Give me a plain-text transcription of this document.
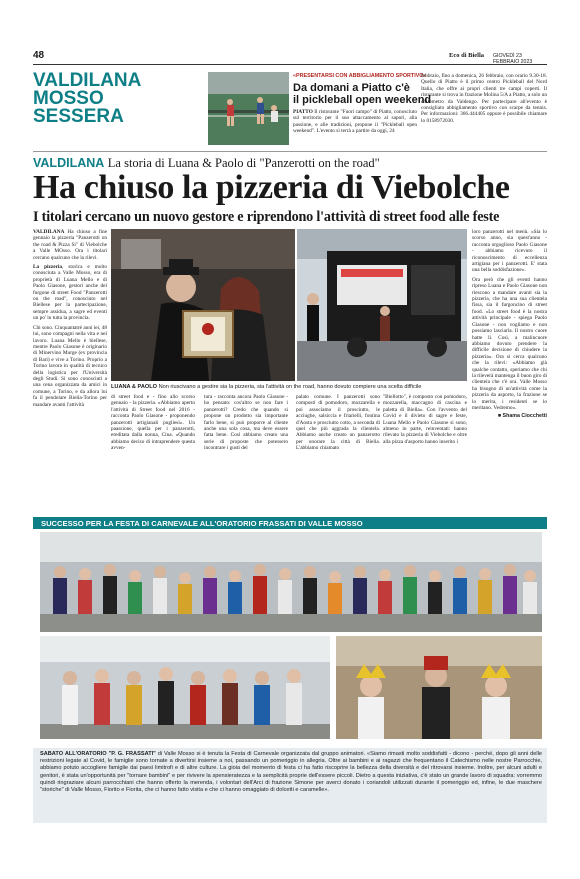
48	Eco di Biella GIOVEDÌ 23 FEBBRAIO 2023
VALDILANA
MOSSO
SESSERA
«PRESENTARSI CON ABBIGLIAMENTO SPORTIVO»
Da domani a Piatto c'è
il pickleball open weekend
PIATTO Il ristorante "Fuori campo" di Piatto, conosciuto sul territorio per il suo attaccamento al sapori, alla passione, e alle tradizioni, propone il "Pickleball open weekend". L'evento si terrà a partire da oggi, 24
febbraio, fino a domenica, 26 febbraio, con orario 9.30-18. Quello di Piatto è il primo centro Pickleball del Nord Italia, che offre ai propri clienti tre campi coperti. Il ristorante si trova in frazione Molina 5/A a Piatto, a solo un chilometro da Valdengo. Per partecipare all'evento è consigliato abbigliamento sportivo con scarpe da tennis. Per informazioni: 366.444405 oppure è possibile chiamare lo 0158972030.
VALDILANA La storia di Luana & Paolo di "Panzerotti on the road"
Ha chiuso la pizzeria di Viebolche
I titolari cercano un nuovo gestore e riprendono l'attività di street food alle feste

VALDILANA Ha chiuso a fine gennaio la pizzeria "Panzerotti on the road & Pizza Si" di Viebolche a Valle MOsso. Ora i titolari cercano qualcuno che la rilevi.

La pizzeria, storica e molto conosciuta a Valle Mosso, era di proprietà di Luana Mello e di Paolo Giasone, gestori anche del furgone di street Food "Panzerotti on the road", conosciuto nel Biellese per la partecipazione, sempre assidua, a sagre ed eventi un po' in tutta la provincia.

Chi sono. Cinquantatré anni lei, 48 lui, sono compagni nella vita e nel lavoro. Luana Mello è biellese, mentre Paolo Giasone è originario di Minervino Murge (ex provincia di Bari) e vive a Torino. Proprio a Torino lavora in qualità di tecnico della logistica per l'Università degli Studi. Si sono conosciuti a una cena organizzata da amici in comune, a Torino, e da allora lui fa il pendolare Biella-Torino per mandare avanti l'attività

LUANA & PAOLO Non riuscivano a gestire sia la pizzeria, sia l'attività on the road, hanno dovuto compiere una scelta difficile
di street food e - fino allo scorso gennaio - la pizzeria. «Abbiamo aperto l'attività di Street food nel 2016 - racconta Paolo Giasone - proponendo panzerotti artigianali pugliesi». Un paassione, quella per i panzerotti, ereditata dalla nonna, Cina. «Quando abbiamo deciso di intraprendere questa avven-
tura - racconta ancora Paolo Giasone - ho pensato: cos'altro se non fare i panzerotti? Credo che quando si propone un prodotto sia importante farlo bene, si può proporre al cliente anche una sola cosa, ma deve essere fatta bene. Così abbiamo creato una serie di proposte che potessero incontrare i gusti del
palato comune. I panzerotti sono composti di pomodoro, mozzarella e poi associamo il prosciutto, le acciughe, salsiccia e friarielli, fontina d'Aosta e prosciutto cotto, a seconda di quel che più aggrada la clientela. Abbiamo anche creato un panzerotto per onorare la città di Biella. L'abbiamo chiamato
"Biellotto", è composto con pomodoro, mozzarella, maccagno di cascina e paletta di Biella». Con l'avvento del Covid e il divieto di sagre e feste, Luana Mello e Paolo Giasone si sono, almeno in parte, reinventati: hanno rilevato la pizzeria di Viebolche e oltre alla pizza d'asporto hanno inserito i

loro panzerotti nel menù. «Sia lo scorso anno, sia quest'anno - racconta orgoglioso Paolo Giasone - abbiamo ricevuto il riconoscimento di eccellenza artigiana per i panzerotti. E' stata una bella soddisfazione».

Ora però che gli eventi hanno ripreso Luana e Paolo Giasone non riescono a mandare avanti sia la pizzeria, che ha una sua clientela fissa, sia il furgoncino di street food. «Lo street food è la nostra attività principale - spiega Paolo Giasone - non vogliamo e non possiamo lasciarla. Il nostro cuore batte lì. Così, a malincuore abbiamo dovuto prendere la difficile decisione di chiudere la pizzeria». Ora si cerca qualcuno che la rilevi: «Abbiamo già qualche contatto, speriamo che chi la rileverà mantenga il buon giro di clientela che c'è ora. Valle Mosso ha bisogno di un'attività come la pizzeria da asporto, la frazione se lo merita, i residenti se lo meritano. Vedremo».

■ Shama Ciocchetti

SUCCESSO PER LA FESTA DI CARNEVALE ALL'ORATORIO FRASSATI DI VALLE MOSSO
SABATO ALL'ORATORIO "P. G. FRASSATI" di Valle Mosso si è tenuta la Festa di Carnevale organizzata dal gruppo animatori. «Siamo rimasti molto soddisfatti - dicono - perché, dopo gli anni delle restrizioni legate al Covid, le famiglie sono tornate a divertirsi insieme a noi, passando un pomeriggio in allegria. Oltre ai bambini e ai ragazzi che frequentano il Catechismo nelle nostre Parrocchie, abbiamo potuto accogliere famiglie dai paesi limitrofi e di altre culture. La gioia del momento di festa ci ha fatto riscoprire la bellezza della diversità e del ritrovarsi insieme. Inoltre, per alcuni adulti e genitori, è stata un'opportunità per "tornare bambini" e per rivivere la spensieratezza e la semplicità proprie dell'essere piccoli. Dietro a questa iniziativa, c'è stato un grande lavoro di squadra: vorremmo quindi ringraziare alcuni parrocchiani che hanno offerto la merenda, i volontari dell'Arci di frazione Simone per averci donato i coriandoli utilizzati durante il pomeriggio ed, infine, le due maschere "storiche" di Valle Mosso, Fiorito e Fiorita, che ci hanno fatto visita e che ci hanno omaggiato di dolcetti e caramelle».
